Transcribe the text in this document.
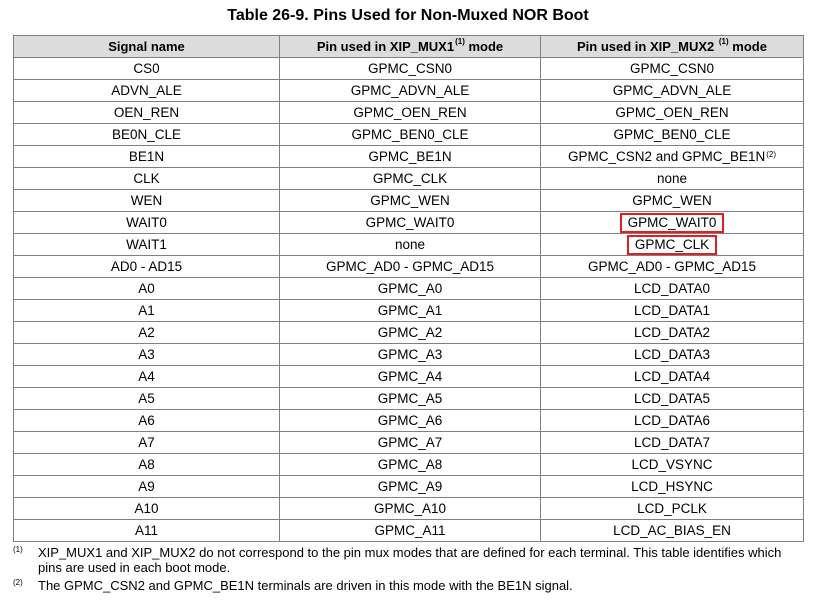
Table 26-9. Pins Used for Non-Muxed NOR Boot
Signal name	Pin used in XIP_MUX1$^{(1)}$ mode	Pin used in XIP_MUX2 $^{(1)}$ mode
CS0	GPMC_CSN0	GPMC_CSN0
ADVN_ALE	GPMC_ADVN_ALE	GPMC_ADVN_ALE
OEN_REN	GPMC_OEN_REN	GPMC_OEN_REN
BE0N_CLE	GPMC_BEN0_CLE	GPMC_BEN0_CLE
BE1N	GPMC_BE1N	GPMC_CSN2 and $GPMC\_BE1N^{(2)}$
CLK	GPMC_CLK	none
WEN	GPMC_WEN	GPMC_WEN
WAIT0	GPMC_WAIT0	GPMC_WAIT0
WAIT1	none	GPMC_CLK
AD0 - AD15	GPMC_AD0 - GPMC_AD15	GPMC_AD0 - GPMC_AD15
A0	GPMC_A0	LCD_DATA0
A1	GPMC_A1	LCD_DATA1
A2	GPMC_A2	LCD_DATA2
A3	GPMC_A3	LCD_DATA3
A4	GPMC_A4	LCD_DATA4
A5	GPMC_A5	LCD_DATA5
A6	GPMC_A6	LCD_DATA6
A7	GPMC_A7	LCD_DATA7
A8	GPMC_A8	LCD_VSYNC
A9	GPMC_A9	LCD_HSYNC
A10	GPMC_A10	LCD_PCLK
A11	GPMC_A11	LCD_AC_BIAS_EN
(1) XIP_MUX1 and XIP_MUX2 do not correspond to the pin mux modes that are defined for each terminal. This table identifies which pins are used in each boot mode.
(2) The GPMC_CSN2 and GPMC_BE1N terminals are driven in this mode with the BE1N signal.
